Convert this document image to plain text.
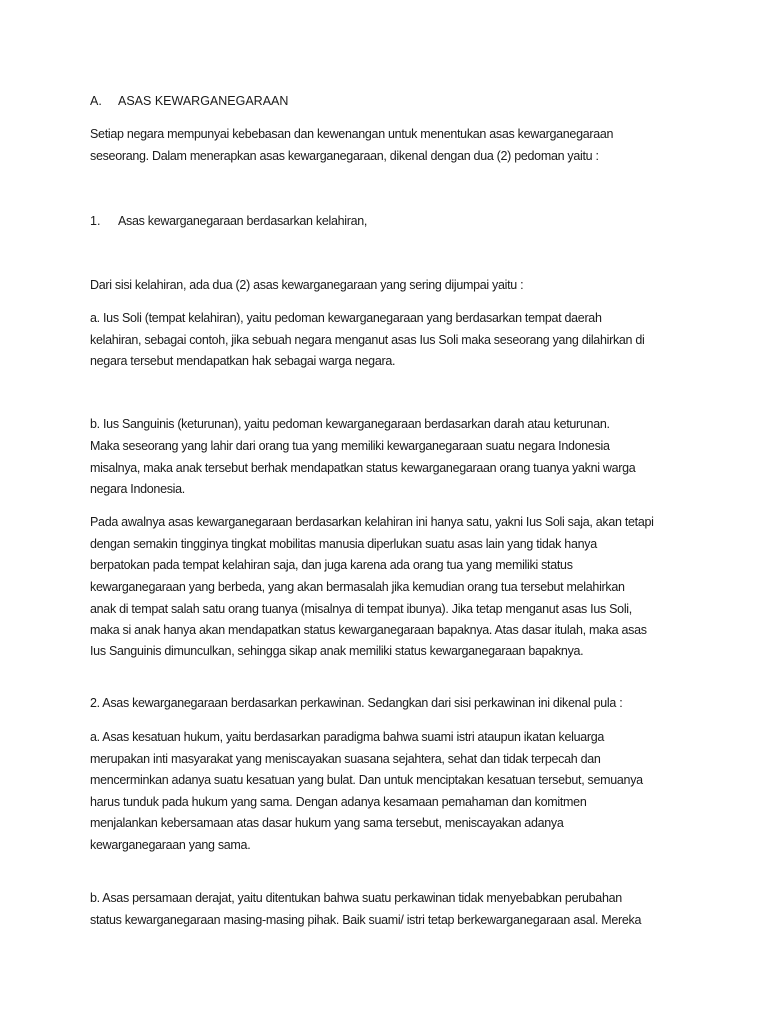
A. ASAS KEWARGANEGARAAN
1. Asas kewarganegaraan berdasarkan kelahiran,
Setiap negara mempunyai kebebasan dan kewenangan untuk menentukan asas kewarganegaraan
seseorang. Dalam menerapkan asas kewarganegaraan, dikenal dengan dua (2) pedoman yaitu :
Dari sisi kelahiran, ada dua (2) asas kewarganegaraan yang sering dijumpai yaitu :
a. Ius Soli (tempat kelahiran), yaitu pedoman kewarganegaraan yang berdasarkan tempat daerah
kelahiran, sebagai contoh, jika sebuah negara menganut asas Ius Soli maka seseorang yang dilahirkan di
negara tersebut mendapatkan hak sebagai warga negara.
b. Ius Sanguinis (keturunan), yaitu pedoman kewarganegaraan berdasarkan darah atau keturunan.
Maka seseorang yang lahir dari orang tua yang memiliki kewarganegaraan suatu negara Indonesia
misalnya, maka anak tersebut berhak mendapatkan status kewarganegaraan orang tuanya yakni warga
negara Indonesia.
Pada awalnya asas kewarganegaraan berdasarkan kelahiran ini hanya satu, yakni Ius Soli saja, akan tetapi
dengan semakin tingginya tingkat mobilitas manusia diperlukan suatu asas lain yang tidak hanya
berpatokan pada tempat kelahiran saja, dan juga karena ada orang tua yang memiliki status
kewarganegaraan yang berbeda, yang akan bermasalah jika kemudian orang tua tersebut melahirkan
anak di tempat salah satu orang tuanya (misalnya di tempat ibunya). Jika tetap menganut asas Ius Soli,
maka si anak hanya akan mendapatkan status kewarganegaraan bapaknya. Atas dasar itulah, maka asas
Ius Sanguinis dimunculkan, sehingga sikap anak memiliki status kewarganegaraan bapaknya.
2. Asas kewarganegaraan berdasarkan perkawinan. Sedangkan dari sisi perkawinan ini dikenal pula :
a. Asas kesatuan hukum, yaitu berdasarkan paradigma bahwa suami istri ataupun ikatan keluarga
merupakan inti masyarakat yang meniscayakan suasana sejahtera, sehat dan tidak terpecah dan
mencerminkan adanya suatu kesatuan yang bulat. Dan untuk menciptakan kesatuan tersebut, semuanya
harus tunduk pada hukum yang sama. Dengan adanya kesamaan pemahaman dan komitmen
menjalankan kebersamaan atas dasar hukum yang sama tersebut, meniscayakan adanya
kewarganegaraan yang sama.
b. Asas persamaan derajat, yaitu ditentukan bahwa suatu perkawinan tidak menyebabkan perubahan
status kewarganegaraan masing-masing pihak. Baik suami/ istri tetap berkewarganegaraan asal. Mereka
